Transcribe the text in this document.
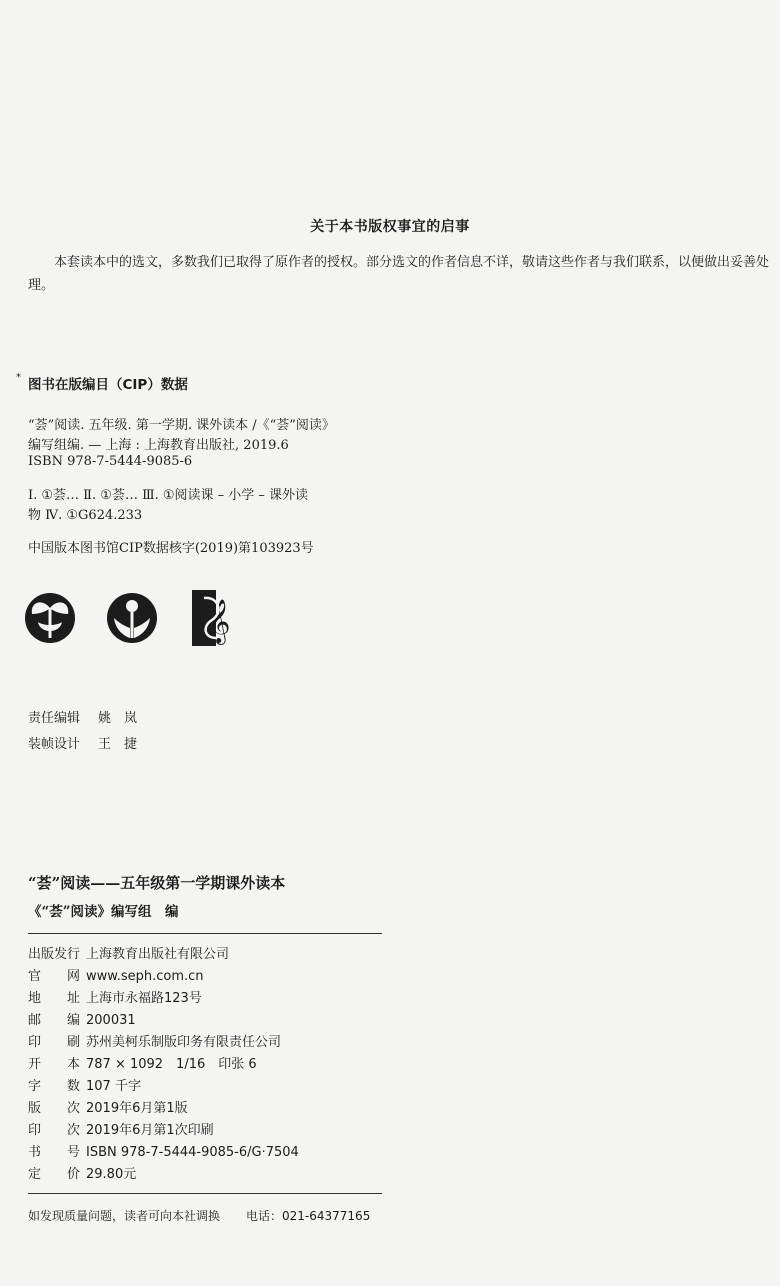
关于本书版权事宜的启事
本套读本中的选文，多数我们已取得了原作者的授权。部分选文的作者信息不详，敬请这些作者与我们联系，以便做出妥善处理。
* 图书在版编目（CIP）数据
“荟”阅读. 五年级. 第一学期. 课外读本 /《“荟”阅读》
编写组编. — 上海 : 上海教育出版社, 2019.6
ISBN 978-7-5444-9085-6
Ⅰ. ①荟… Ⅱ. ①荟… Ⅲ. ①阅读课 – 小学 – 课外读
物 Ⅳ. ①G624.233
中国版本图书馆CIP数据核字(2019)第103923号
𝄞
责任编辑 姚　岚
装帧设计 王　捷
“荟”阅读——五年级第一学期课外读本
《“荟”阅读》编写组　编
出版发行 上海教育出版社有限公司
官　　网 www.seph.com.cn
地　　址 上海市永福路123号
邮　　编 200031
印　　刷 苏州美柯乐制版印务有限责任公司
开　　本 787 × 1092　1/16　印张 6
字　　数 107 千字
版　　次 2019年6月第1版
印　　次 2019年6月第1次印刷
书　　号 ISBN 978-7-5444-9085-6/G·7504
定　　价 29.80元
如发现质量问题，读者可向本社调换 电话：021-64377165
